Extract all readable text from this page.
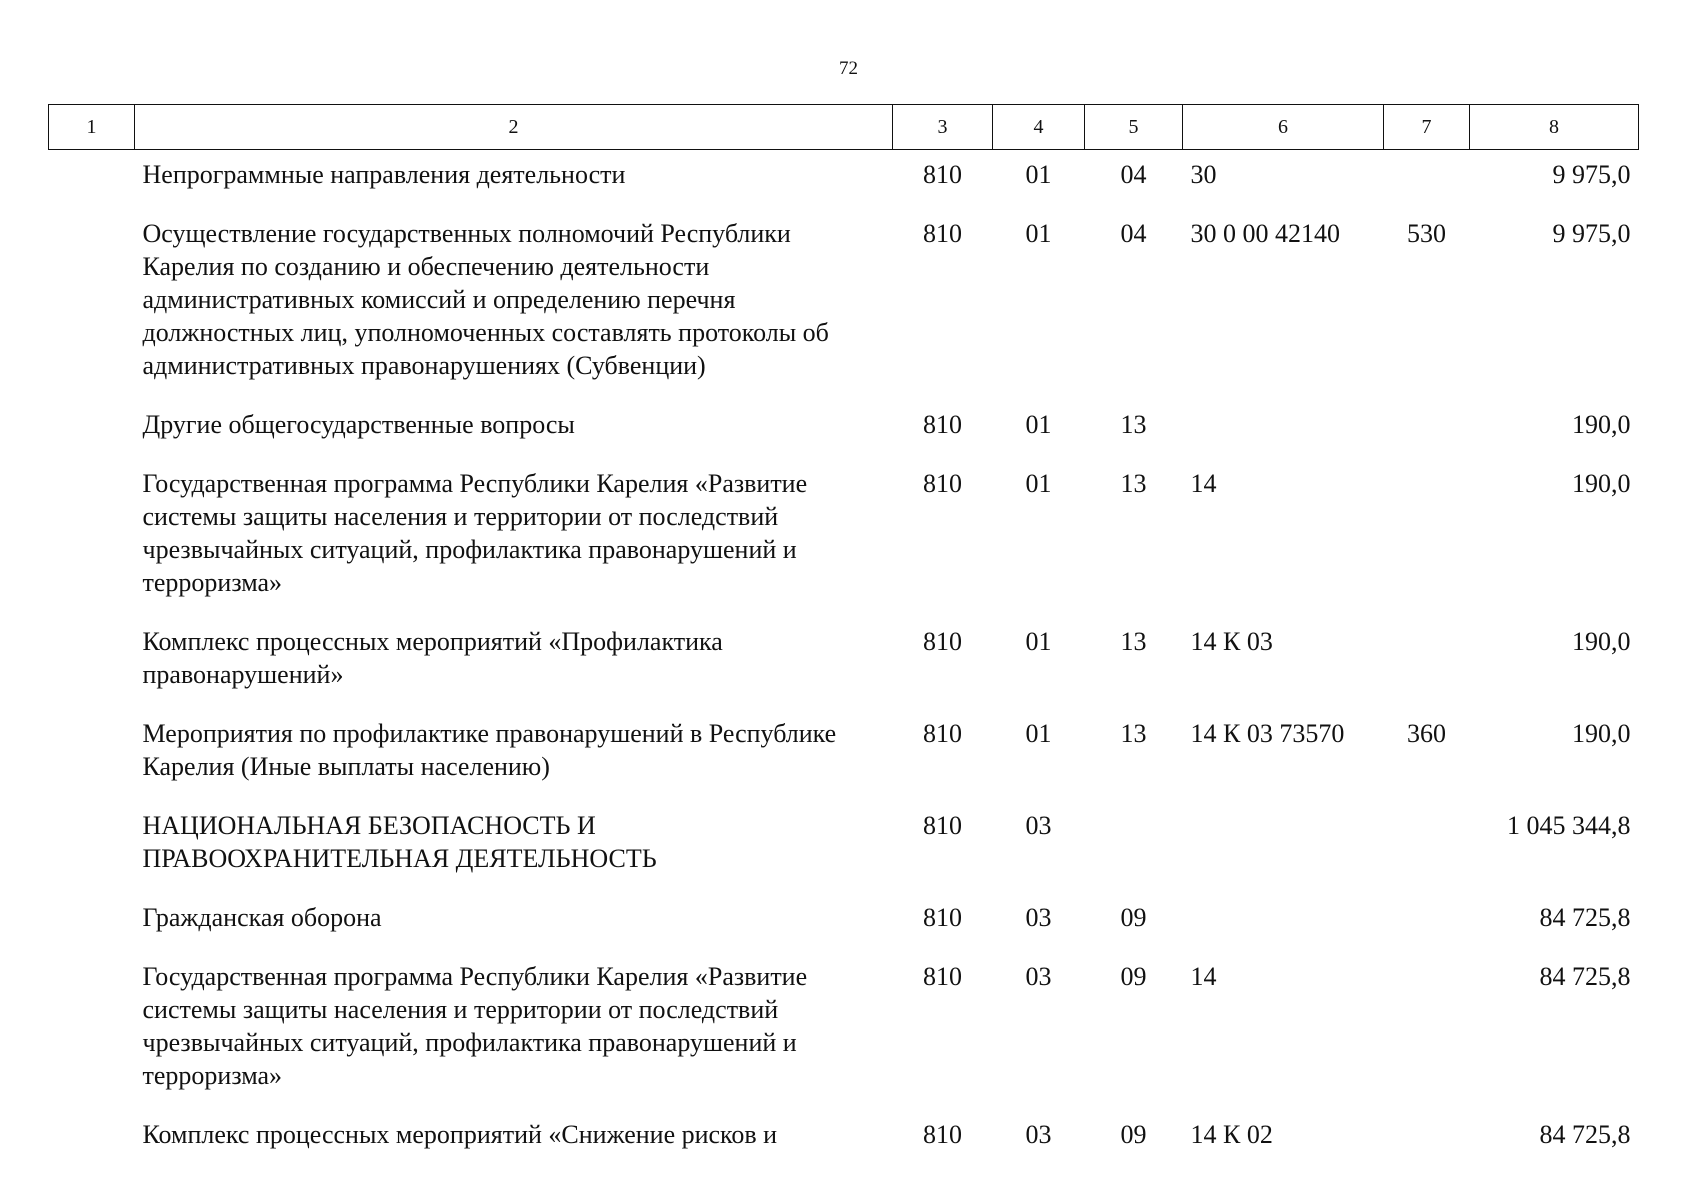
72
1	2	3	4	5	6	7	8
	Непрограммные направления деятельности	810	01	04	30		9 975,0
	Осуществление государственных полномочий Республики Карелия по созданию и обеспечению деятельности административных комиссий и определению перечня должностных лиц, уполномоченных составлять протоколы об административных правонарушениях (Субвенции)	810	01	04	30 0 00 42140	530	9 975,0
	Другие общегосударственные вопросы	810	01	13			190,0
	Государственная программа Республики Карелия «Развитие системы защиты населения и территории от последствий чрезвычайных ситуаций, профилактика правонарушений и терроризма»	810	01	13	14		190,0
	Комплекс процессных мероприятий «Профилактика правонарушений»	810	01	13	14 К 03		190,0
	Мероприятия по профилактике правонарушений в Республике Карелия (Иные выплаты населению)	810	01	13	14 К 03 73570	360	190,0
	НАЦИОНАЛЬНАЯ БЕЗОПАСНОСТЬ И ПРАВООХРАНИТЕЛЬНАЯ ДЕЯТЕЛЬНОСТЬ	810	03				1 045 344,8
	Гражданская оборона	810	03	09			84 725,8
	Государственная программа Республики Карелия «Развитие системы защиты населения и территории от последствий чрезвычайных ситуаций, профилактика правонарушений и терроризма»	810	03	09	14		84 725,8
	Комплекс процессных мероприятий «Снижение рисков и	810	03	09	14 К 02		84 725,8
